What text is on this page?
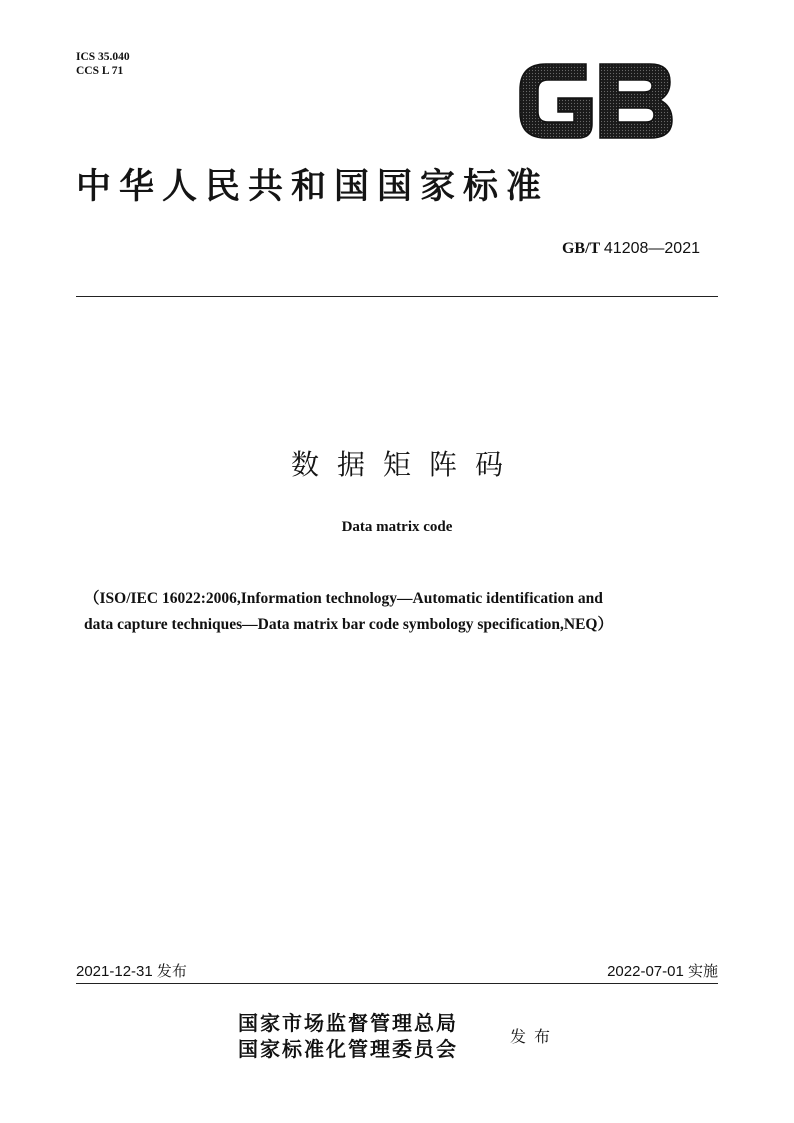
ICS 35.040
CCS L 71
中华人民共和国国家标准
GB/T 41208—2021
数据矩阵码
Data matrix code
（ISO/IEC 16022:2006,Information technology—Automatic identification and
data capture techniques—Data matrix bar code symbology specification,NEQ）
2021-12-31 发布	2022-07-01 实施
国家市场监督管理总局
国家标准化管理委员会
发布
